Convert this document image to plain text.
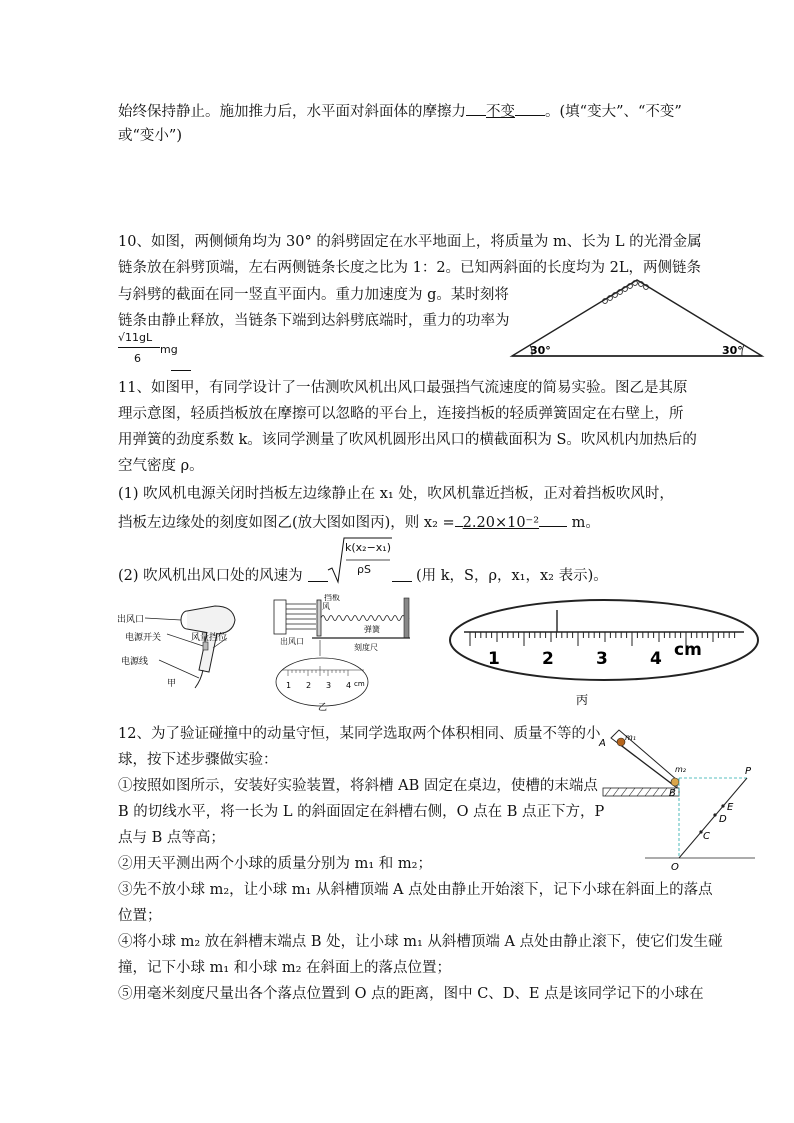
始终保持静止。施加推力后，水平面对斜面体的摩擦力 不变 。(填“变大”、“不变”
或“变小”)
10、如图，两侧倾角均为 30° 的斜劈固定在水平地面上，将质量为 m、长为 L 的光滑金属
链条放在斜劈顶端，左右两侧链条长度之比为 1：2。已知两斜面的长度均为 2L，两侧链条
与斜劈的截面在同一竖直平面内。重力加速度为 g。某时刻将
链条由静止释放，当链条下端到达斜劈底端时，重力的功率为
√11gL
6
mg	30°	30°
11、如图甲，有同学设计了一估测吹风机出风口最强挡气流速度的简易实验。图乙是其原
理示意图，轻质挡板放在摩擦可以忽略的平台上，连接挡板的轻质弹簧固定在右壁上，所
用弹簧的劲度系数 k。该同学测量了吹风机圆形出风口的横截面积为 S。吹风机内加热后的
空气密度 ρ。
(1) 吹风机电源关闭时挡板左边缘静止在 x₁ 处，吹风机靠近挡板，正对着挡板吹风时，
挡板左边缘处的刻度如图乙(放大图如图丙)，则 x₂ = 2.20×10⁻² m。
(2) 吹风机出风口处的风速为
k(x₂−x₁)
ρS	(用 k，S，ρ，x₁，x₂ 表示)。
出风口
电源开关	风量挡位
电源线
甲
挡板
风
出风口
弹簧
刻度尺
1 2 3 4 cm
乙
1 2 3 4 cm
丙
12、为了验证碰撞中的动量守恒，某同学选取两个体积相同、质量不等的小
球，按下述步骤做实验：
①按照如图所示，安装好实验装置，将斜槽 AB 固定在桌边，使槽的末端点
B 的切线水平，将一长为 L 的斜面固定在斜槽右侧，O 点在 B 点正下方，P
点与 B 点等高；
②用天平测出两个小球的质量分别为 m₁ 和 m₂；
③先不放小球 m₂，让小球 m₁ 从斜槽顶端 A 点处由静止开始滚下，记下小球在斜面上的落点
位置；
④将小球 m₂ 放在斜槽末端点 B 处，让小球 m₁ 从斜槽顶端 A 点处由静止滚下，使它们发生碰
撞，记下小球 m₁ 和小球 m₂ 在斜面上的落点位置；
⑤用毫米刻度尺量出各个落点位置到 O 点的距离，图中 C、D、E 点是该同学记下的小球在
A
m₁
m₂
B
P
E
D
C
O
